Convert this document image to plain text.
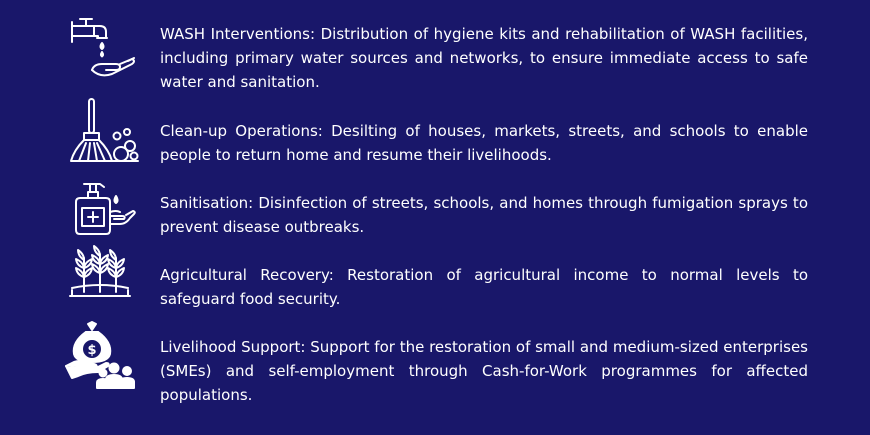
WASH Interventions: Distribution of hygiene kits and rehabilitation of WASH facilities, including primary water sources and networks, to ensure immediate access to safe water and sanitation.
Clean-up Operations: Desilting of houses, markets, streets, and schools to enable people to return home and resume their livelihoods.
Sanitisation: Disinfection of streets, schools, and homes through fumigation sprays to prevent disease outbreaks.
Agricultural Recovery: Restoration of agricultural income to normal levels to safeguard food security.
$	Livelihood Support: Support for the restoration of small and medium-sized enterprises (SMEs) and self-employment through Cash-for-Work programmes for affected populations.
